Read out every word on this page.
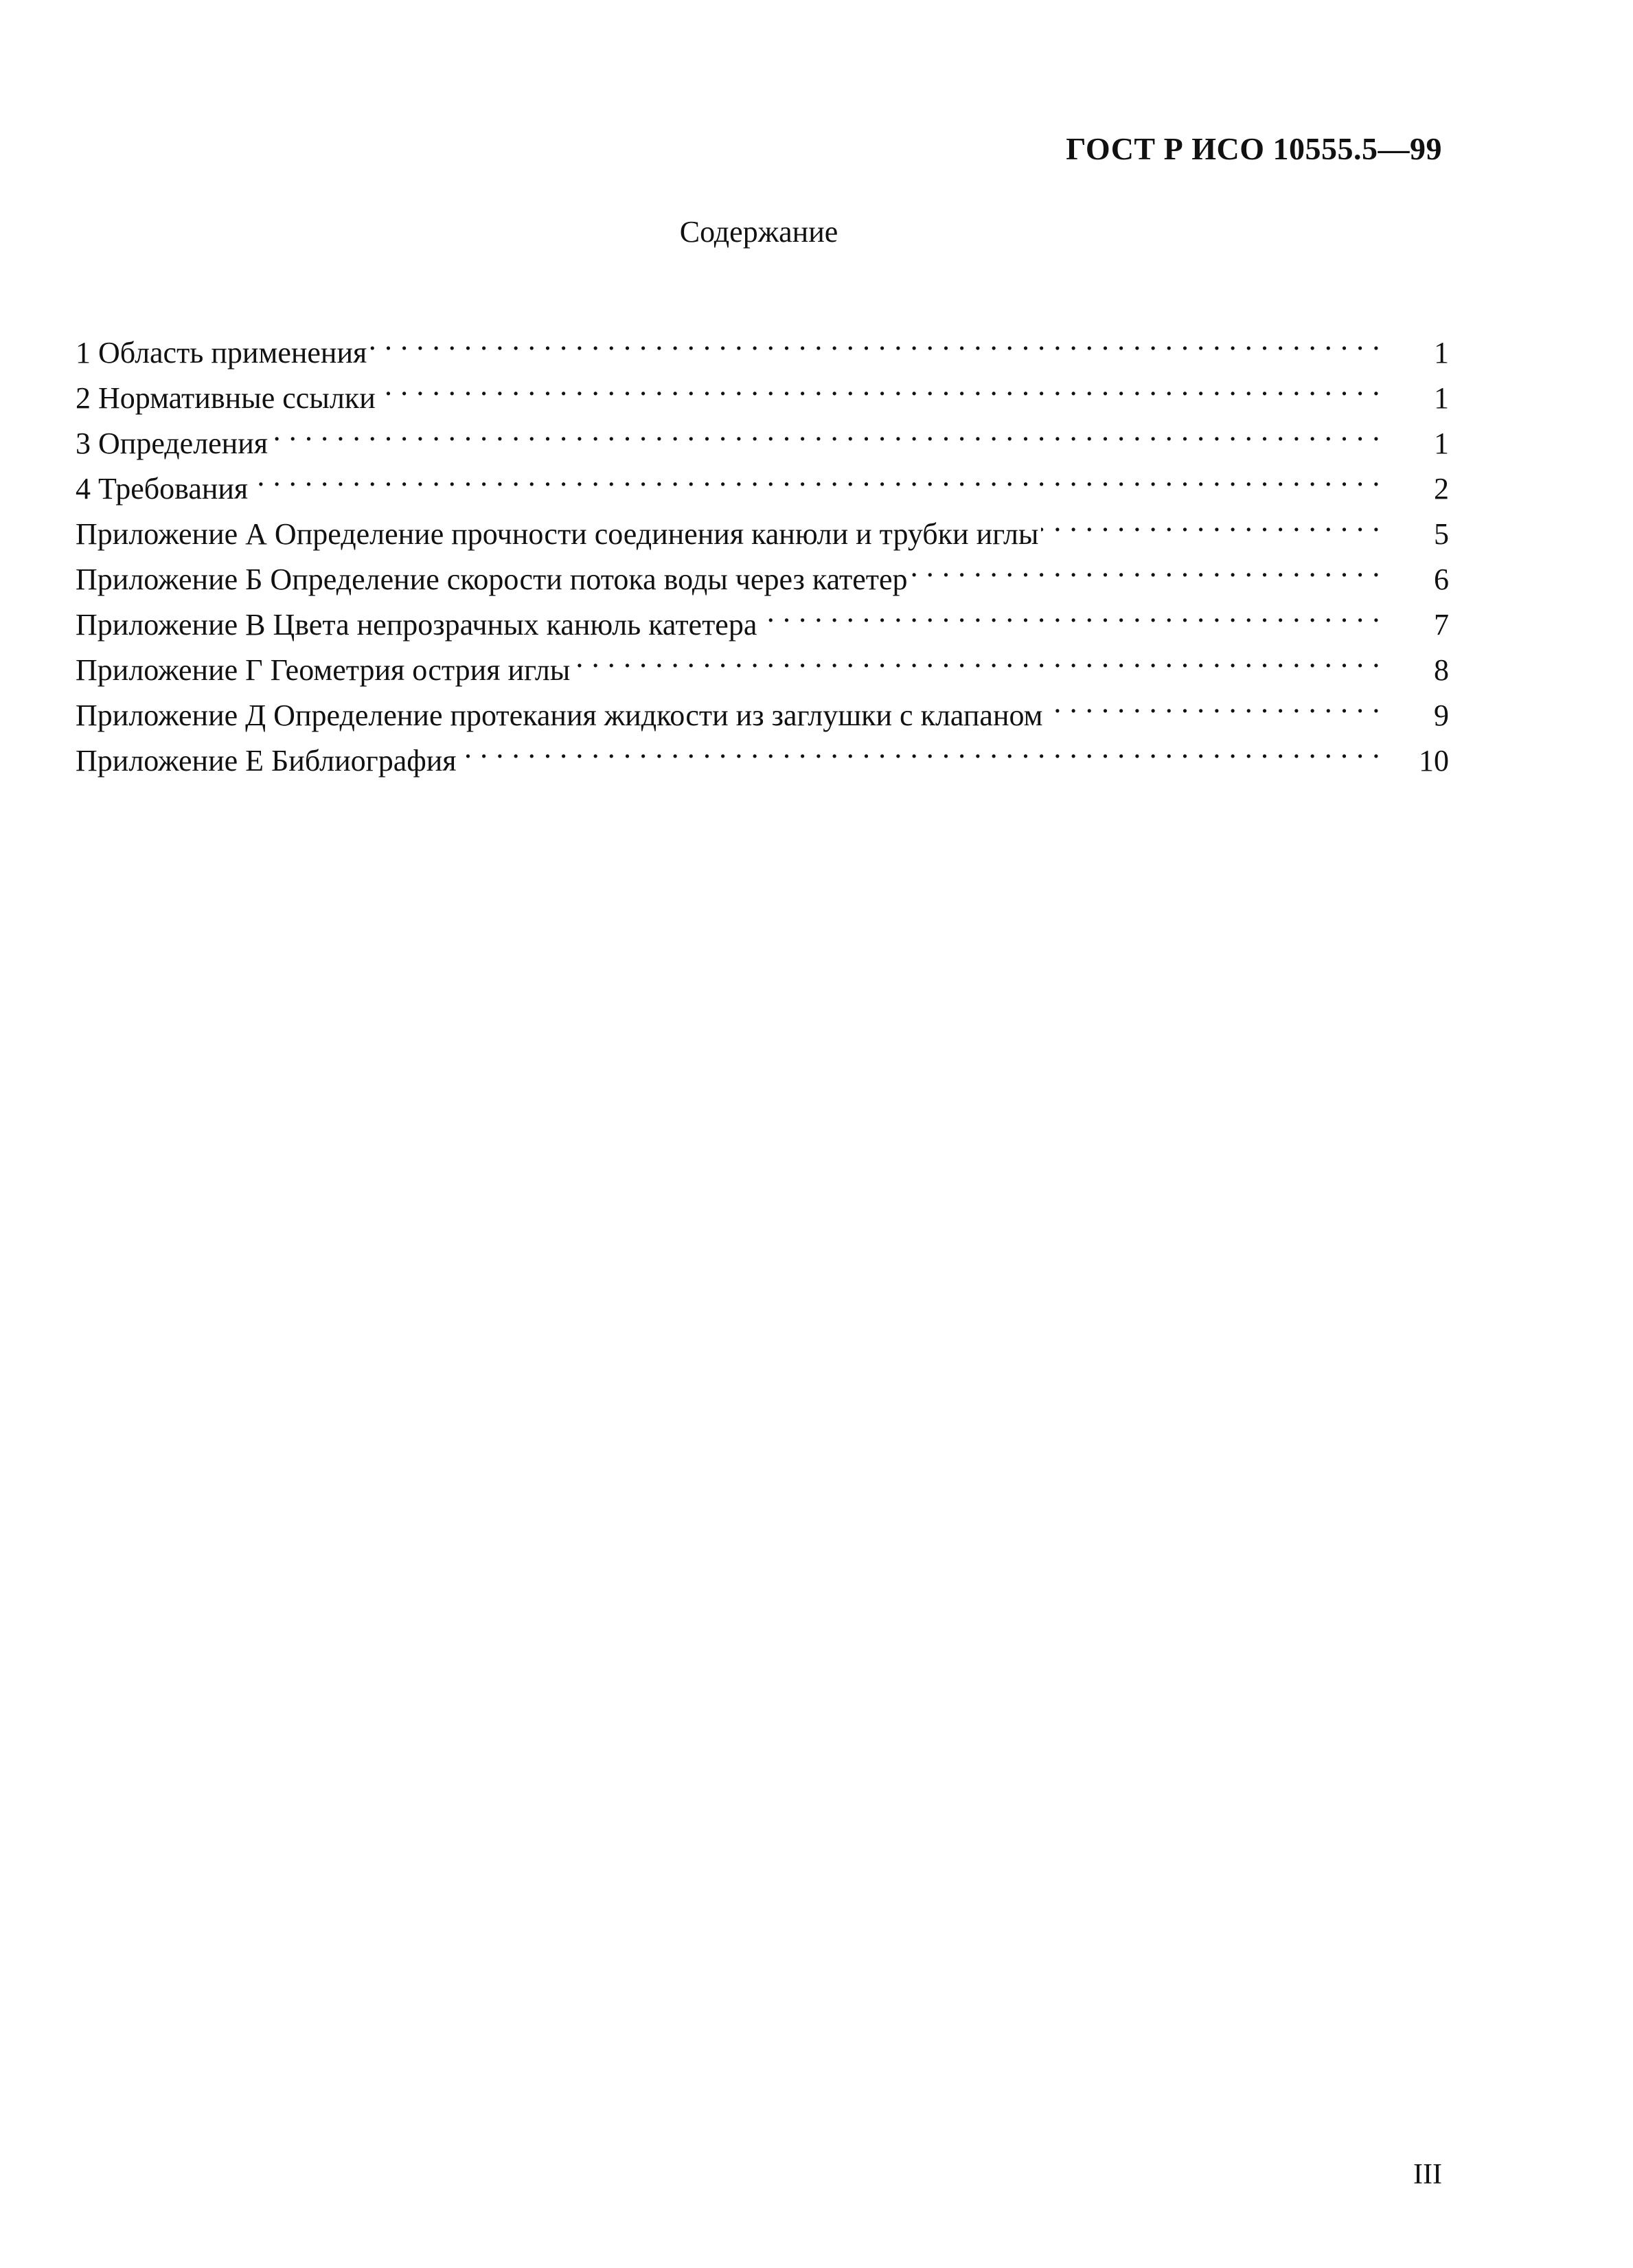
ГОСТ Р ИСО 10555.5—99
Содержание
1 Область применения . . .	1
2 Нормативные ссылки . . .	1
3 Определения . . .	1
4 Требования . . .	2
Приложение А Определение прочности соединения канюли и трубки иглы . . .	5
Приложение Б Определение скорости потока воды через катетер . . .	6
Приложение В Цвета непрозрачных канюль катетера . . .	7
Приложение Г Геометрия острия иглы . . .	8
Приложение Д Определение протекания жидкости из заглушки с клапаном . . .	9
Приложение Е Библиография . . .	10
III
